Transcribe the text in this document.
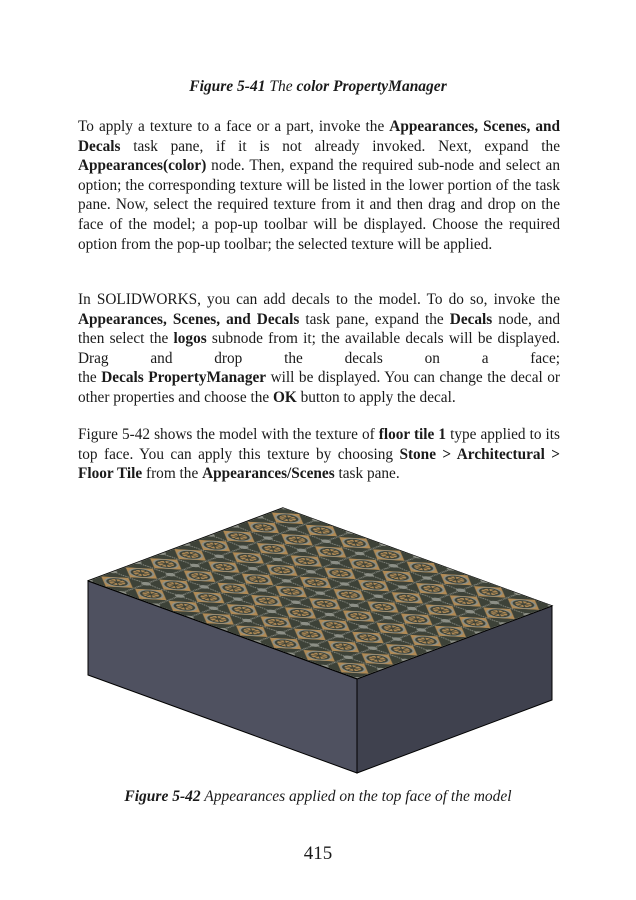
Figure 5-41 The color PropertyManager

To apply a texture to a face or a part, invoke the Appearances, Scenes, and Decals task pane, if it is not already invoked. Next, expand the Appearances(color) node. Then, expand the required sub-node and select an option; the corresponding texture will be listed in the lower portion of the task pane. Now, select the required texture from it and then drag and drop on the face of the model; a pop-up toolbar will be displayed. Choose the required option from the pop-up toolbar; the selected texture will be applied.

In SOLIDWORKS, you can add decals to the model. To do so, invoke the Appearances, Scenes, and Decals task pane, expand the Decals node, and then select the logos subnode from it; the available decals will be displayed. Drag and drop the decals on a face;
the Decals PropertyManager will be displayed. You can change the decal or other properties and choose the OK button to apply the decal.

Figure 5-42 shows the model with the texture of floor tile 1 type applied to its top face. You can apply this texture by choosing Stone > Architectural > Floor Tile from the Appearances/Scenes task pane.

Figure 5-42 Appearances applied on the top face of the model
415
